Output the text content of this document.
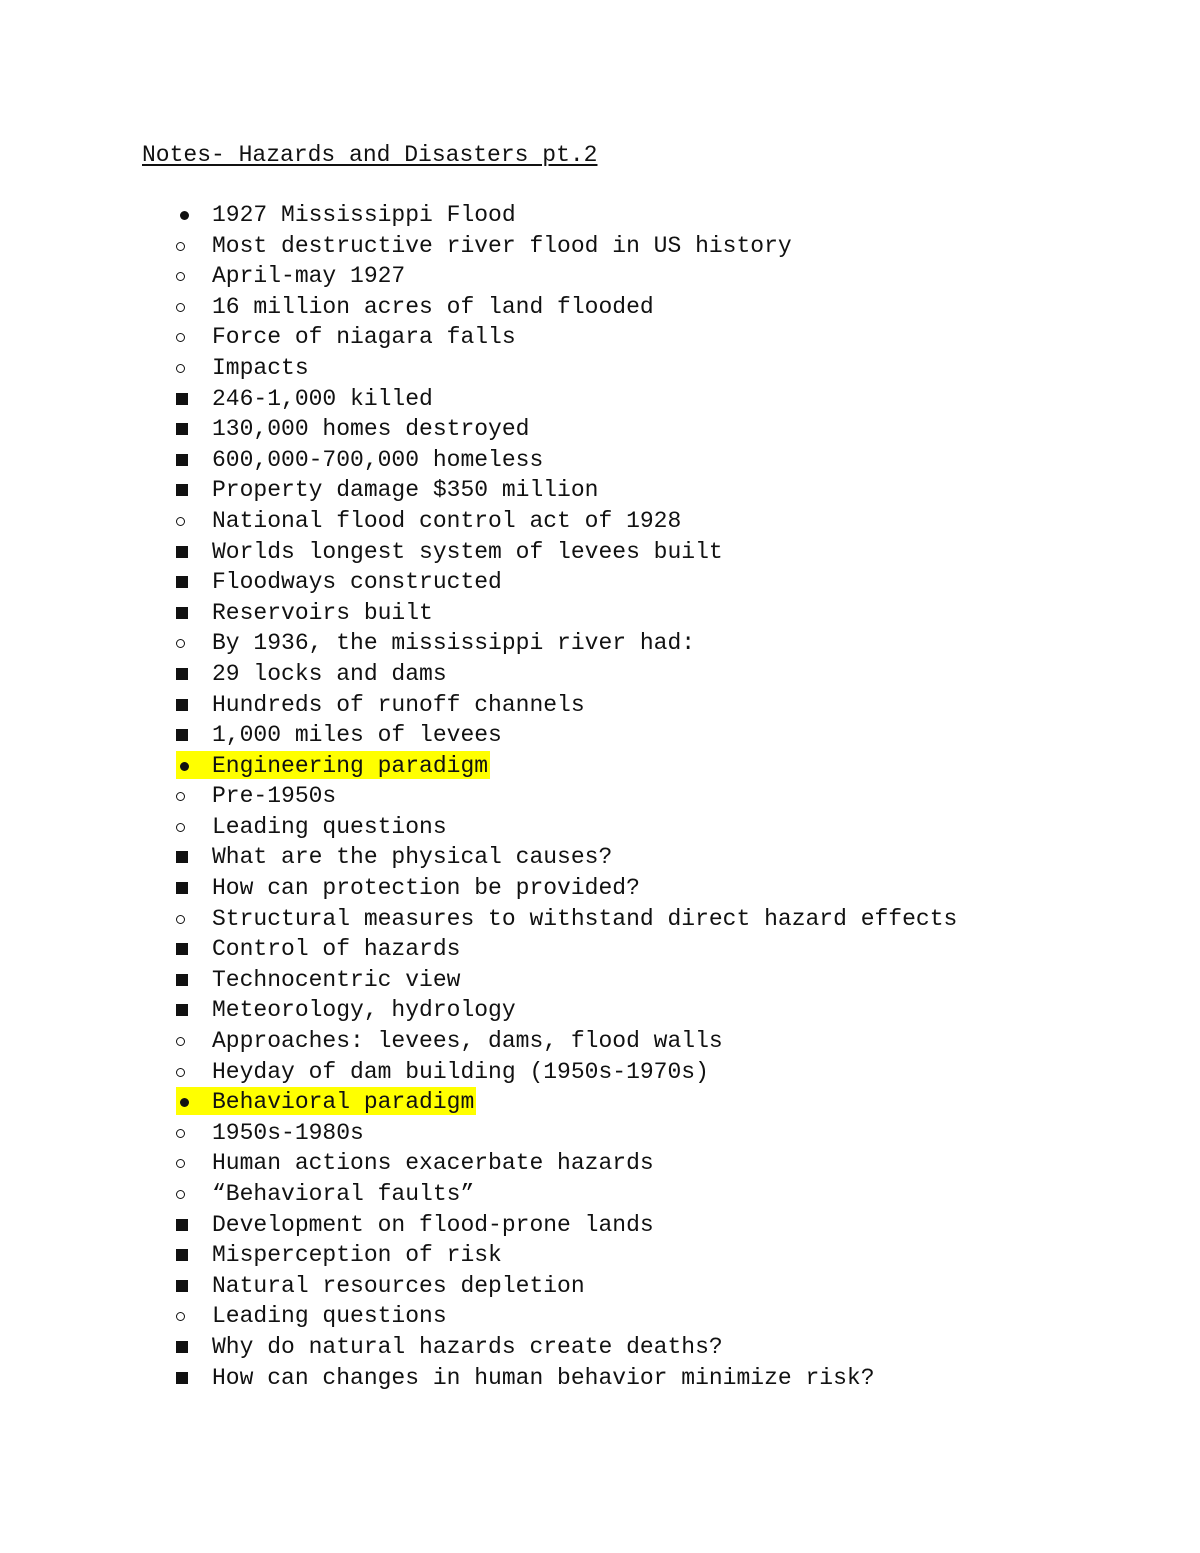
Notes- Hazards and Disasters pt.2
1927 Mississippi Flood
Most destructive river flood in US history
April-may 1927
16 million acres of land flooded
Force of niagara falls
Impacts
246-1,000 killed
130,000 homes destroyed
600,000-700,000 homeless
Property damage $350 million
National flood control act of 1928
Worlds longest system of levees built
Floodways constructed
Reservoirs built
By 1936, the mississippi river had:
29 locks and dams
Hundreds of runoff channels
1,000 miles of levees
Engineering paradigm
Pre-1950s
Leading questions
What are the physical causes?
How can protection be provided?
Structural measures to withstand direct hazard effects
Control of hazards
Technocentric view
Meteorology, hydrology
Approaches: levees, dams, flood walls
Heyday of dam building (1950s-1970s)
Behavioral paradigm
1950s-1980s
Human actions exacerbate hazards
“Behavioral faults”
Development on flood-prone lands
Misperception of risk
Natural resources depletion
Leading questions
Why do natural hazards create deaths?
How can changes in human behavior minimize risk?
